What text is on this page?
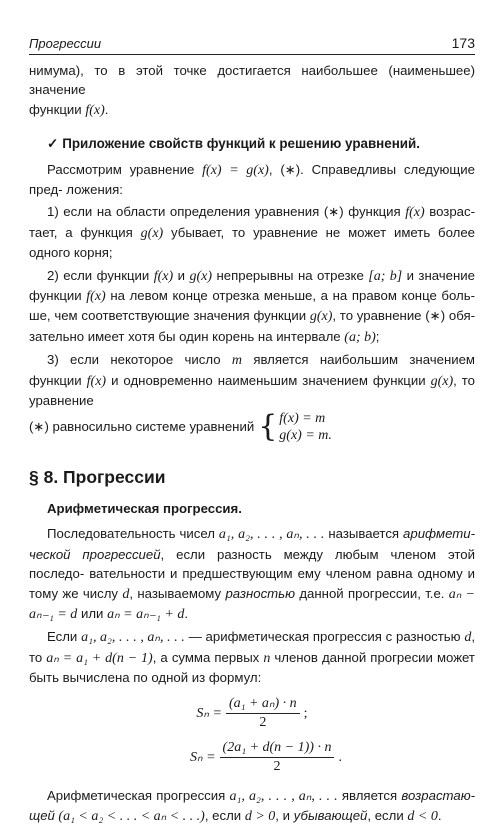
Прогрессии	173

нимума), то в этой точке достигается наибольшее (наименьшее) значение
функции f(x).

✓ Приложение свойств функций к решению уравнений.

Рассмотрим уравнение f(x) = g(x), (∗). Справедливы следующие пред- ложения:

1) если на области определения уравнения (∗) функция f(x) возрас- тает, а функция g(x) убывает, то уравнение не может иметь более одного корня;

2) если функции f(x) и g(x) непрерывны на отрезке [a; b] и значение функции f(x) на левом конце отрезка меньше, а на правом конце боль- ше, чем соответствующие значения функции g(x), то уравнение (∗) обя- зательно имеет хотя бы один корень на интервале (a; b);

3) если некоторое число m является наибольшим значением функции f(x) и одновременно наименьшим значением функции g(x), то уравнение

(∗) равносильно системе уравнений { f(x) = m
g(x) = m.

§ 8. Прогрессии

Арифметическая прогрессия.

Последовательность чисел a₁, a₂, . . . , aₙ, . . . называется арифмети- ческой прогрессией, если разность между любым членом этой последо- вательности и предшествующим ему членом равна одному и тому же числу d, называемому разностью данной прогрессии, т.е. aₙ − aₙ₋₁ = d или aₙ = aₙ₋₁ + d.

Если a₁, a₂, . . . , aₙ, . . . — арифметическая прогрессия с разностью d, то aₙ = a₁ + d(n − 1), а сумма первых n членов данной прогресии может быть вычислена по одной из формул:

$S_n = \frac{\text{(a₁ + aₙ) · n}}{2}$ ;
$S_n = \frac{\text{(2a₁ + d(n − 1)) · n}}{2}$ .

Арифметическая прогрессия a₁, a₂, . . . , aₙ, . . . является возрастаю- щей (a₁ < a₂ < . . . < aₙ < . . .), если d > 0, и убывающей, если d < 0.
